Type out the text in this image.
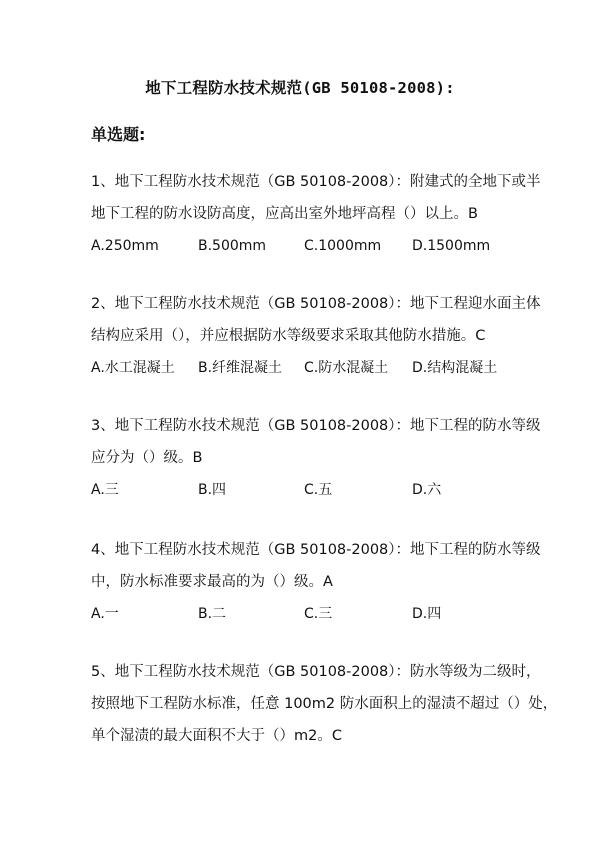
地下工程防水技术规范(GB 50108-2008):
单选题:
1、地下工程防水技术规范（GB 50108-2008）：附建式的全地下或半
地下工程的防水设防高度，应高出室外地坪高程（）以上。B
A.250mm	B.500mm	C.1000mm D.1500mm
2、地下工程防水技术规范（GB 50108-2008）：地下工程迎水面主体
结构应采用（），并应根据防水等级要求采取其他防水措施。C
A.水工混凝土 B.纤维混凝土 C.防水混凝土 D.结构混凝土
3、地下工程防水技术规范（GB 50108-2008）：地下工程的防水等级
应分为（）级。B
A.三	B.四	C.五	D.六
4、地下工程防水技术规范（GB 50108-2008）：地下工程的防水等级
中，防水标准要求最高的为（）级。A
A.一	B.二	C.三	D.四
5、地下工程防水技术规范（GB 50108-2008）：防水等级为二级时，
按照地下工程防水标准，任意 100m2 防水面积上的湿渍不超过（）处，
单个湿渍的最大面积不大于（）m2。C
